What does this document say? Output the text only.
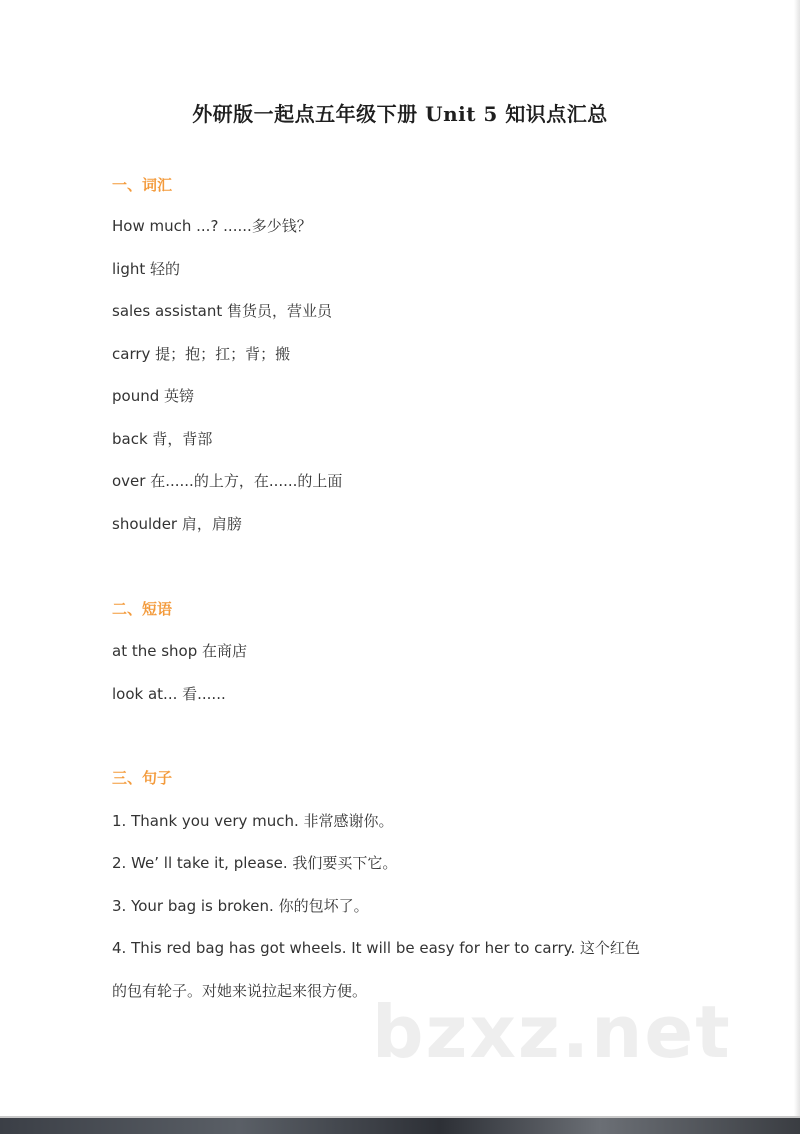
外研版一起点五年级下册 Unit 5 知识点汇总
一、词汇
How much ...? ......多少钱？
light 轻的
sales assistant 售货员，营业员
carry 提；抱；扛；背；搬
pound 英镑
back 背，背部
over 在......的上方，在......的上面
shoulder 肩，肩膀
二、短语
at the shop 在商店
look at... 看......
三、句子
1. Thank you very much. 非常感谢你。
2. We’ ll take it, please. 我们要买下它。
3. Your bag is broken. 你的包坏了。
4. This red bag has got wheels. It will be easy for her to carry. 这个红色
的包有轮子。对她来说拉起来很方便。 bzxz.net
